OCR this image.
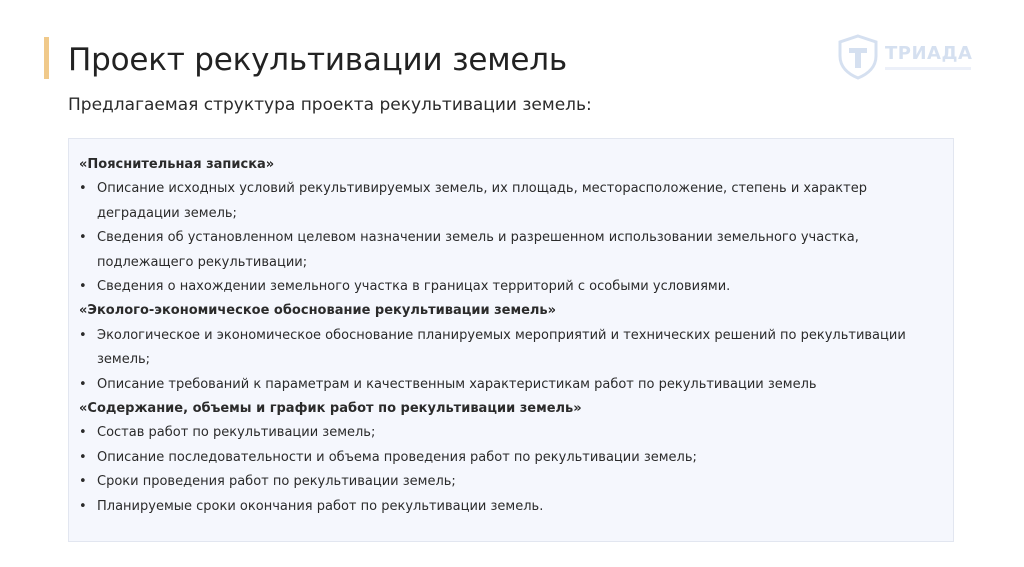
Проект рекультивации земель
Предлагаемая структура проекта рекультивации земель:
ТРИАДА
«Пояснительная записка»
• Описание исходных условий рекультивируемых земель, их площадь, месторасположение, степень и характер деградации земель;
• Сведения об установленном целевом назначении земель и разрешенном использовании земельного участка, подлежащего рекультивации;
• Сведения о нахождении земельного участка в границах территорий с особыми условиями.
«Эколого-экономическое обоснование рекультивации земель»
• Экологическое и экономическое обоснование планируемых мероприятий и технических решений по рекультивации земель;
• Описание требований к параметрам и качественным характеристикам работ по рекультивации земель
«Содержание, объемы и график работ по рекультивации земель»
• Состав работ по рекультивации земель;
• Описание последовательности и объема проведения работ по рекультивации земель;
• Сроки проведения работ по рекультивации земель;
• Планируемые сроки окончания работ по рекультивации земель.
